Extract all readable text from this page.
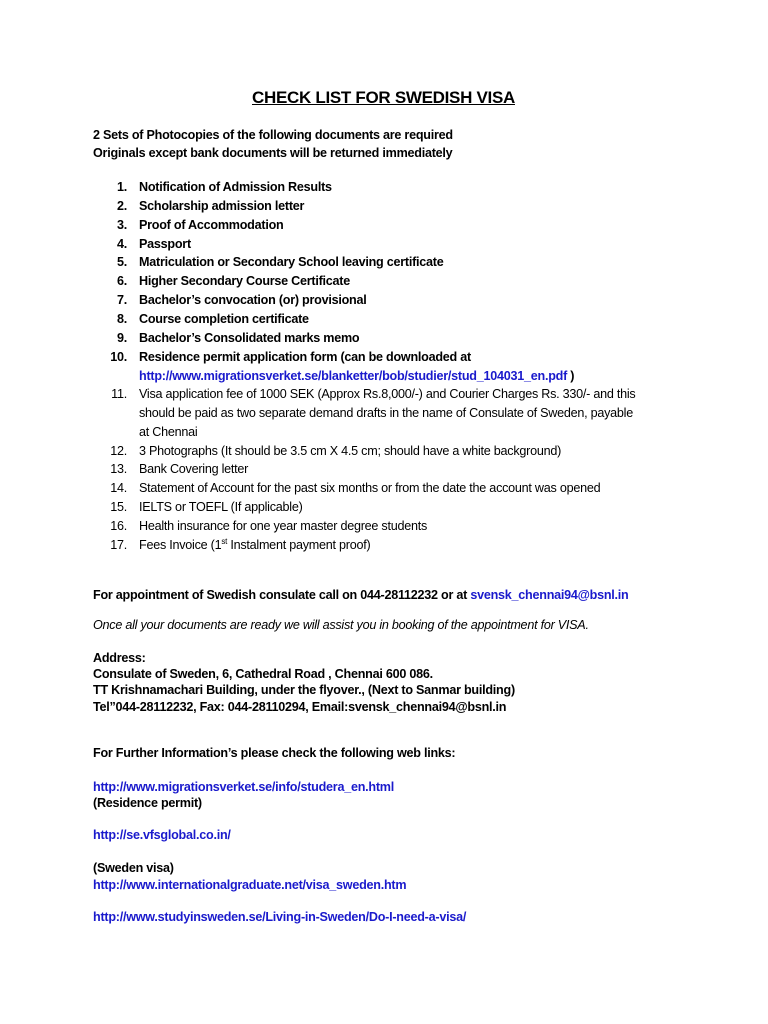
CHECK LIST FOR SWEDISH VISA
2 Sets of Photocopies of the following documents are required
Originals except bank documents will be returned immediately
1. Notification of Admission Results
2. Scholarship admission letter
3. Proof of Accommodation
4. Passport
5. Matriculation or Secondary School leaving certificate
6. Higher Secondary Course Certificate
7. Bachelor’s convocation (or) provisional
8. Course completion certificate
9. Bachelor’s Consolidated marks memo
10. Residence permit application form (can be downloaded at
http://www.migrationsverket.se/blanketter/bob/studier/stud_104031_en.pdf )
11. Visa application fee of 1000 SEK (Approx Rs.8,000/-) and Courier Charges Rs. 330/- and this
should be paid as two separate demand drafts in the name of Consulate of Sweden, payable
at Chennai
12. 3 Photographs (It should be 3.5 cm X 4.5 cm; should have a white background)
13. Bank Covering letter
14. Statement of Account for the past six months or from the date the account was opened
15. IELTS or TOEFL (If applicable)
16. Health insurance for one year master degree students
17. Fees Invoice (1st Instalment payment proof)
For appointment of Swedish consulate call on 044-28112232 or at svensk_chennai94@bsnl.in
Once all your documents are ready we will assist you in booking of the appointment for VISA.
Address:
Consulate of Sweden, 6, Cathedral Road , Chennai 600 086.
TT Krishnamachari Building, under the flyover., (Next to Sanmar building)
Tel”044-28112232, Fax: 044-28110294, Email:svensk_chennai94@bsnl.in
For Further Information’s please check the following web links:
http://www.migrationsverket.se/info/studera_en.html
(Residence permit)
http://se.vfsglobal.co.in/
(Sweden visa)
http://www.internationalgraduate.net/visa_sweden.htm
http://www.studyinsweden.se/Living-in-Sweden/Do-I-need-a-visa/
